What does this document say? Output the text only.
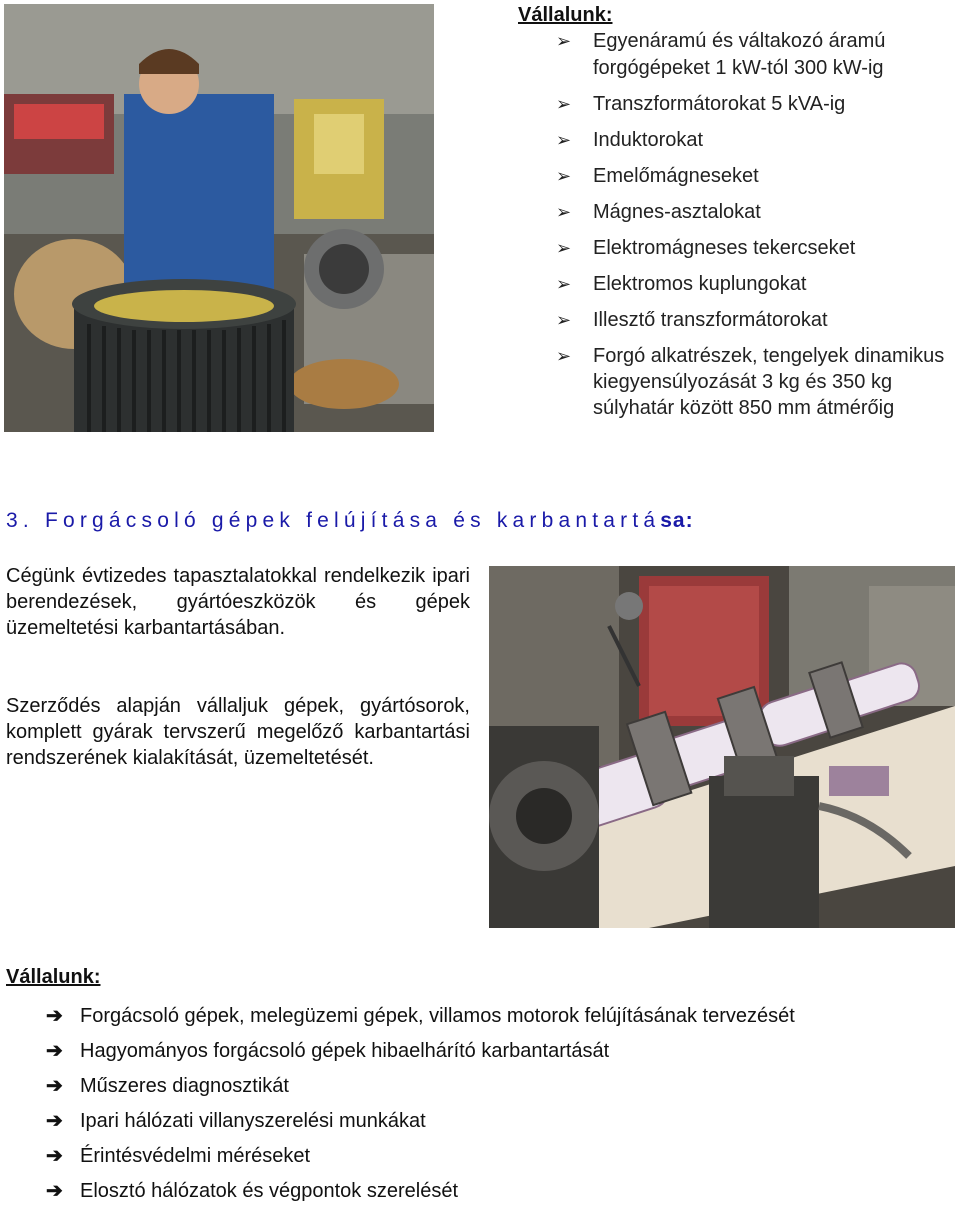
Vállalunk:
➢ Egyenáramú és váltakozó áramú forgógépeket 1 kW-tól 300 kW-ig
➢ Transzformátorokat 5 kVA-ig
➢ Induktorokat
➢ Emelőmágneseket
➢ Mágnes-asztalokat
➢ Elektromágneses tekercseket
➢ Elektromos kuplungokat
➢ Illesztő transzformátorokat
➢ Forgó alkatrészek, tengelyek dinamikus kiegyensúlyozását 3 kg és 350 kg súlyhatár között 850 mm átmérőig
3. Forgácsoló gépek felújítása és karbantartása:
Cégünk évtizedes tapasztalatokkal rendelkezik ipari berendezések, gyártóeszközök és gépek üzemeltetési karbantartásában.
Szerződés alapján vállaljuk gépek, gyártósorok, komplett gyárak tervszerű megelőző karbantartási rendszerének kialakítását, üzemeltetését.
Vállalunk:
➔ Forgácsoló gépek, melegüzemi gépek, villamos motorok felújításának tervezését
➔ Hagyományos forgácsoló gépek hibaelhárító karbantartását
➔ Műszeres diagnosztikát
➔ Ipari hálózati villanyszerelési munkákat
➔ Érintésvédelmi méréseket
➔ Elosztó hálózatok és végpontok szerelését
